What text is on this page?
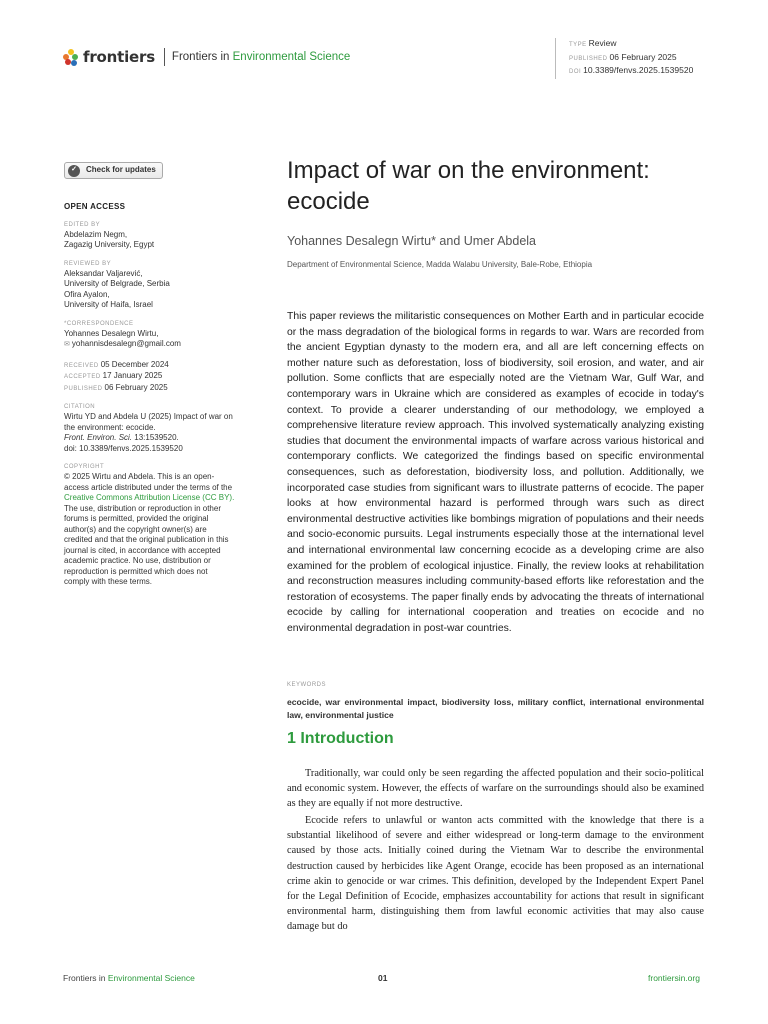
frontiers Frontiers in Environmental Science
TYPE Review
PUBLISHED 06 February 2025
DOI 10.3389/fenvs.2025.1539520
✓	Check for updates
OPEN ACCESS
EDITED BY
Abdelazim Negm,
Zagazig University, Egypt
REVIEWED BY
Aleksandar Valjarević,
University of Belgrade, Serbia
Ofira Ayalon,
University of Haifa, Israel
*CORRESPONDENCE
Yohannes Desalegn Wirtu,
✉ yohannisdesalegn@gmail.com
RECEIVED 05 December 2024
ACCEPTED 17 January 2025
PUBLISHED 06 February 2025
CITATION
Wirtu YD and Abdela U (2025) Impact of war on
the environment: ecocide.
Front. Environ. Sci. 13:1539520.
doi: 10.3389/fenvs.2025.1539520
COPYRIGHT
© 2025 Wirtu and Abdela. This is an open-
access article distributed under the terms of the
Creative Commons Attribution License (CC BY).
The use, distribution or reproduction in other
forums is permitted, provided the original
author(s) and the copyright owner(s) are
credited and that the original publication in this
journal is cited, in accordance with accepted
academic practice. No use, distribution or
reproduction is permitted which does not
comply with these terms.
Impact of war on the environment: ecocide
Yohannes Desalegn Wirtu* and Umer Abdela
Department of Environmental Science, Madda Walabu University, Bale-Robe, Ethiopia
This paper reviews the militaristic consequences on Mother Earth and in particular ecocide or the mass degradation of the biological forms in regards to war. Wars are recorded from the ancient Egyptian dynasty to the modern era, and all are left concerning effects on mother nature such as deforestation, loss of biodiversity, soil erosion, and water, and air pollution. Some conflicts that are especially noted are the Vietnam War, Gulf War, and contemporary wars in Ukraine which are considered as examples of ecocide in today's context. To provide a clearer understanding of our methodology, we employed a comprehensive literature review approach. This involved systematically analyzing existing studies that document the environmental impacts of warfare across various historical and contemporary conflicts. We categorized the findings based on specific environmental consequences, such as deforestation, biodiversity loss, and pollution. Additionally, we incorporated case studies from significant wars to illustrate patterns of ecocide. The paper looks at how environmental hazard is performed through wars such as direct environmental destructive activities like bombings migration of populations and their needs and socio-economic pursuits. Legal instruments especially those at the international level and international environmental law concerning ecocide as a developing crime are also examined for the problem of ecological injustice. Finally, the review looks at rehabilitation and reconstruction measures including community-based efforts like reforestation and the restoration of ecosystems. The paper finally ends by advocating the threats of international ecocide by calling for international cooperation and treaties on ecocide and no environmental degradation in post-war countries.
KEYWORDS
ecocide, war environmental impact, biodiversity loss, military conflict, international environmental law, environmental justice
1 Introduction

Traditionally, war could only be seen regarding the affected population and their socio-political and economic system. However, the effects of warfare on the surroundings should also be examined as they are equally if not more destructive.

Ecocide refers to unlawful or wanton acts committed with the knowledge that there is a substantial likelihood of severe and either widespread or long-term damage to the environment caused by those acts. Initially coined during the Vietnam War to describe the environmental destruction caused by herbicides like Agent Orange, ecocide has been proposed as an international crime akin to genocide or war crimes. This definition, developed by the Independent Expert Panel for the Legal Definition of Ecocide, emphasizes accountability for actions that result in significant environmental harm, distinguishing them from lawful economic activities that may also cause damage but do

Frontiers in Environmental Science	01	frontiersin.org
